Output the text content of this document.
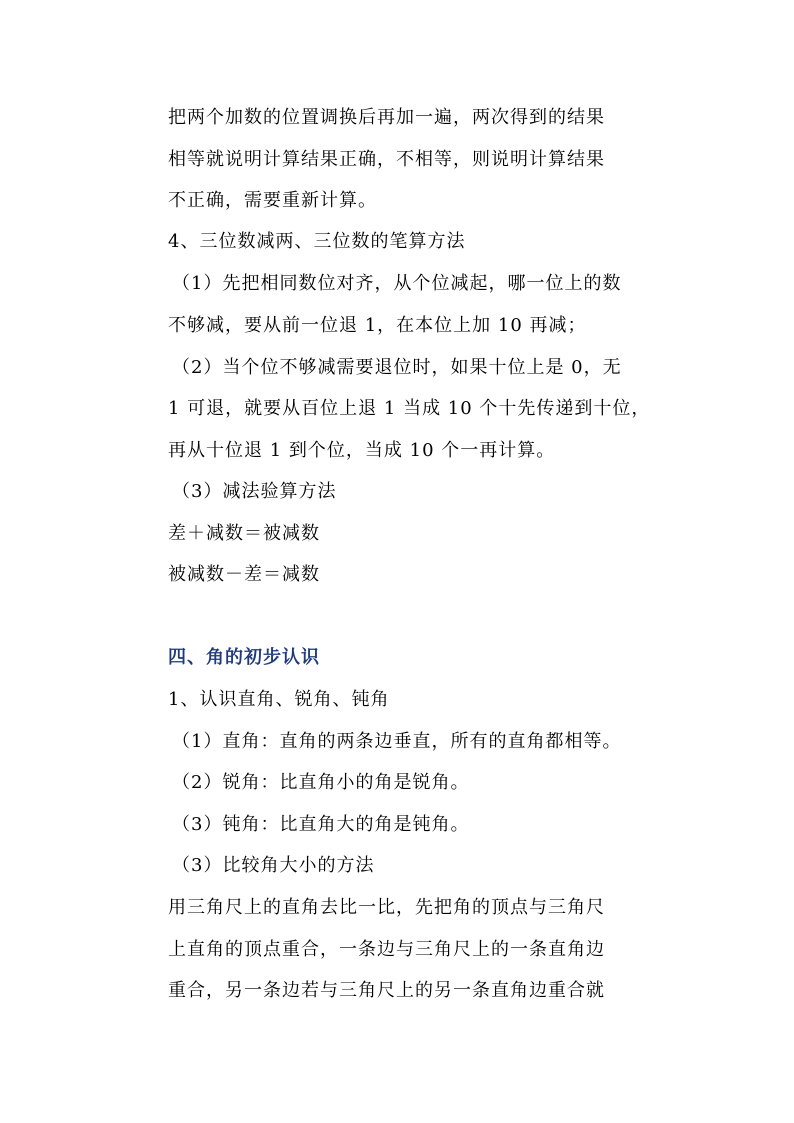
把两个加数的位置调换后再加一遍，两次得到的结果
相等就说明计算结果正确，不相等，则说明计算结果
不正确，需要重新计算。
4、三位数减两、三位数的笔算方法
（1）先把相同数位对齐，从个位减起，哪一位上的数
不够减，要从前一位退 1，在本位上加 10 再减；
（2）当个位不够减需要退位时，如果十位上是 0，无
1 可退，就要从百位上退 1 当成 10 个十先传递到十位，
再从十位退 1 到个位，当成 10 个一再计算。
（3）减法验算方法
差＋减数＝被减数
被减数－差＝减数
四、角的初步认识
1、认识直角、锐角、钝角
（1）直角：直角的两条边垂直，所有的直角都相等。
（2）锐角：比直角小的角是锐角。
（3）钝角：比直角大的角是钝角。
（3）比较角大小的方法
用三角尺上的直角去比一比，先把角的顶点与三角尺
上直角的顶点重合，一条边与三角尺上的一条直角边
重合，另一条边若与三角尺上的另一条直角边重合就
